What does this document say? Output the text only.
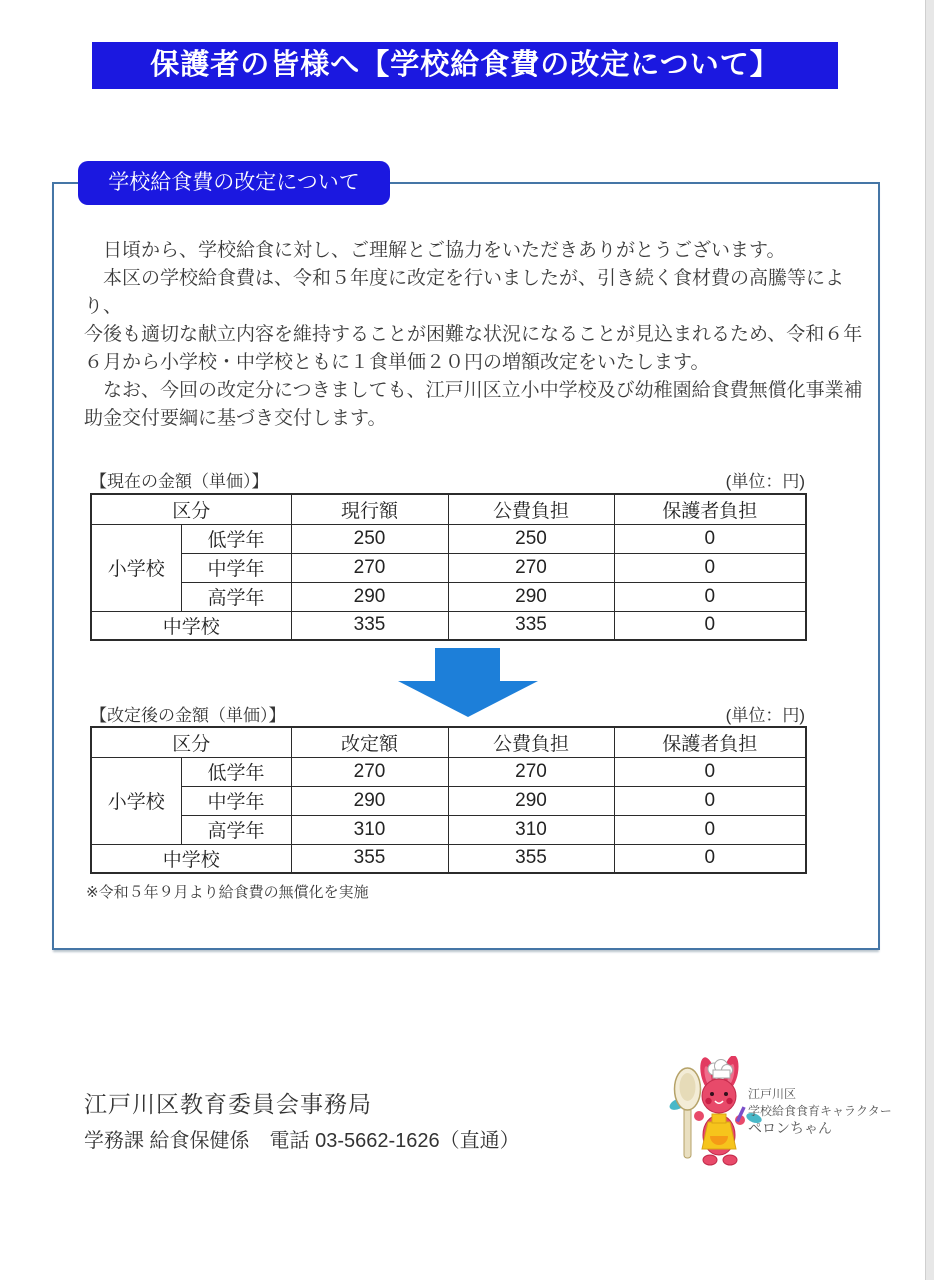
保護者の皆様へ【学校給食費の改定について】
学校給食費の改定について
　日頃から、学校給食に対し、ご理解とご協力をいただきありがとうございます。
　本区の学校給食費は、令和５年度に改定を行いましたが、引き続く食材費の高騰等により、
今後も適切な献立内容を維持することが困難な状況になることが見込まれるため、令和６年
６月から小学校・中学校ともに１食単価２０円の増額改定をいたします。
　なお、今回の改定分につきましても、江戸川区立小中学校及び幼稚園給食費無償化事業補
助金交付要綱に基づき交付します。
【現在の金額（単価）】	(単位：円)
区分		現行額	公費負担	保護者負担
小学校	低学年	250	250	0
	中学年	270	270	0
	高学年	290	290	0
中学校		335	335	0
【改定後の金額（単価）】	(単位：円)
区分		改定額	公費負担	保護者負担
小学校	低学年	270	270	0
	中学年	290	290	0
	高学年	310	310	0
中学校		355	355	0
※令和５年９月より給食費の無償化を実施
江戸川区教育委員会事務局
学務課 給食保健係　電話 03-5662-1626（直通）
江戸川区
学校給食食育キャラクター
ペロンちゃん
